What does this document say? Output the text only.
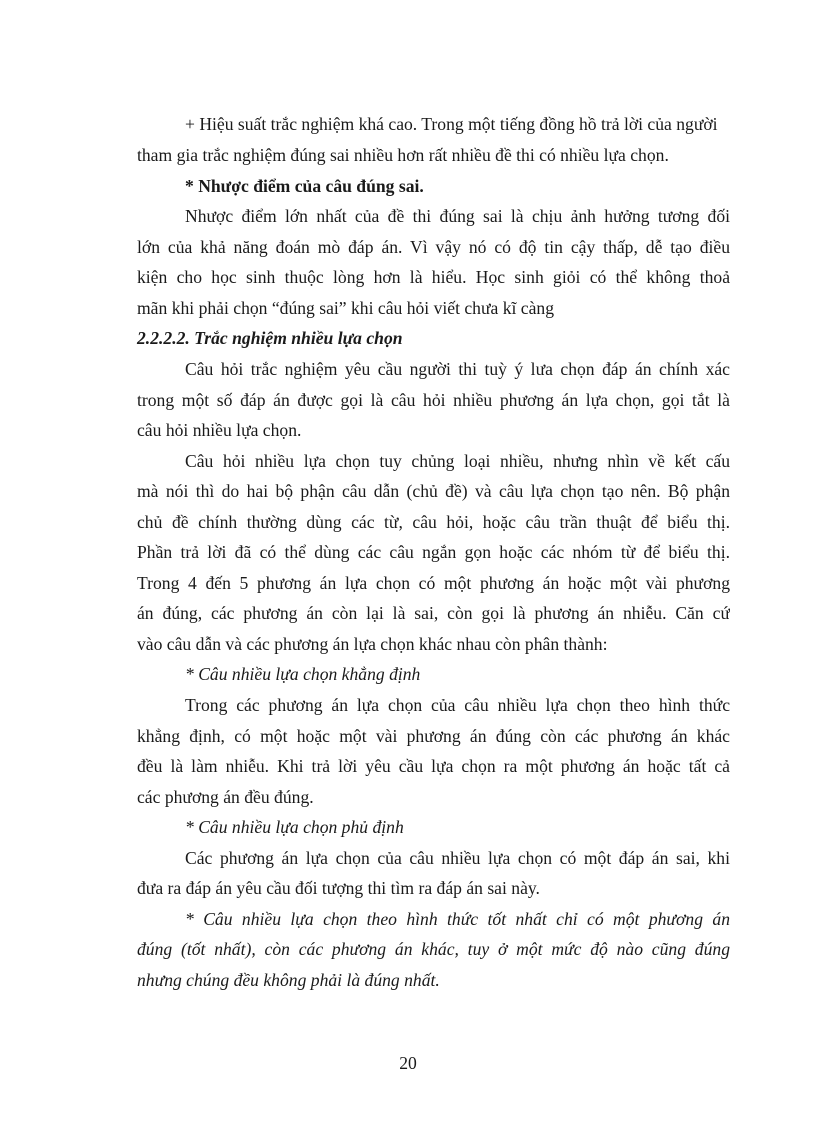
+ Hiệu suất trắc nghiệm khá cao. Trong một tiếng đồng hồ trả lời của người
tham gia trắc nghiệm đúng sai nhiều hơn rất nhiều đề thi có nhiều lựa chọn.
* Nhược điểm của câu đúng sai.
Nhược điểm lớn nhất của đề thi đúng sai là chịu ảnh hưởng tương đối
lớn của khả năng đoán mò đáp án. Vì vậy nó có độ tin cậy thấp, dễ tạo điều
kiện cho học sinh thuộc lòng hơn là hiểu. Học sinh giỏi có thể không thoả
mãn khi phải chọn “đúng sai” khi câu hỏi viết chưa kĩ càng
2.2.2.2. Trắc nghiệm nhiều lựa chọn
Câu hỏi trắc nghiệm yêu cầu người thi tuỳ ý lưa chọn đáp án chính xác
trong một số đáp án được gọi là câu hỏi nhiều phương án lựa chọn, gọi tắt là
câu hỏi nhiều lựa chọn.
Câu hỏi nhiều lựa chọn tuy chủng loại nhiều, nhưng nhìn về kết cấu
mà nói thì do hai bộ phận câu dẫn (chủ đề) và câu lựa chọn tạo nên. Bộ phận
chủ đề chính thường dùng các từ, câu hỏi, hoặc câu trần thuật để biểu thị.
Phần trả lời đã có thể dùng các câu ngắn gọn hoặc các nhóm từ để biểu thị.
Trong 4 đến 5 phương án lựa chọn có một phương án hoặc một vài phương
án đúng, các phương án còn lại là sai, còn gọi là phương án nhiễu. Căn cứ
vào câu dẫn và các phương án lựa chọn khác nhau còn phân thành:
* Câu nhiều lựa chọn khẳng định
Trong các phương án lựa chọn của câu nhiều lựa chọn theo hình thức
khẳng định, có một hoặc một vài phương án đúng còn các phương án khác
đều là làm nhiễu. Khi trả lời yêu cầu lựa chọn ra một phương án hoặc tất cả
các phương án đều đúng.
* Câu nhiều lựa chọn phủ định
Các phương án lựa chọn của câu nhiều lựa chọn có một đáp án sai, khi
đưa ra đáp án yêu cầu đối tượng thi tìm ra đáp án sai này.
* Câu nhiều lựa chọn theo hình thức tốt nhất chỉ có một phương án
đúng (tốt nhất), còn các phương án khác, tuy ở một mức độ nào cũng đúng
nhưng chúng đều không phải là đúng nhất.
20
